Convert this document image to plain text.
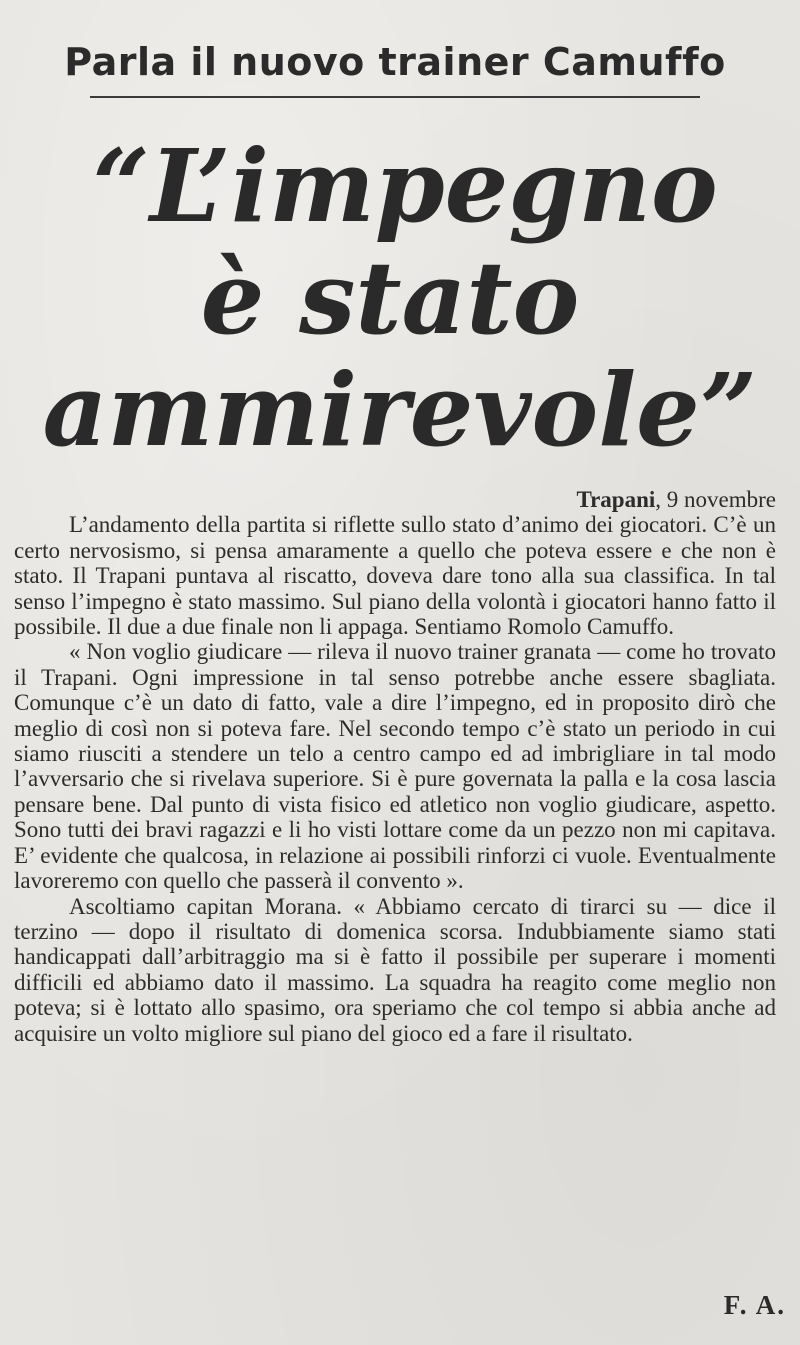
Parla il nuovo trainer Camuffo
“L’impegno
è stato
ammirevole”

Trapani, 9 novembre

L’andamento della partita si riflette sullo stato d’animo dei giocatori. C’è un certo nervosismo, si pensa amaramente a quello che poteva essere e che non è stato. Il Trapani puntava al riscatto, doveva dare tono alla sua classifica. In tal senso l’impegno è stato massimo. Sul piano della volontà i giocatori hanno fatto il possibile. Il due a due finale non li appaga. Sentiamo Romolo Camuffo.

« Non voglio giudicare — rileva il nuovo trainer granata — come ho trovato il Trapani. Ogni impressione in tal senso potrebbe anche essere sbagliata. Comunque c’è un dato di fatto, vale a dire l’impegno, ed in proposito dirò che meglio di così non si poteva fare. Nel secondo tempo c’è stato un periodo in cui siamo riusciti a stendere un telo a centro campo ed ad imbrigliare in tal modo l’avversario che si rivelava superiore. Si è pure governata la palla e la cosa lascia pensare bene. Dal punto di vista fisico ed atletico non voglio giudicare, aspetto. Sono tutti dei bravi ragazzi e li ho visti lottare come da un pezzo non mi capitava. E’ evidente che qualcosa, in relazione ai possibili rinforzi ci vuole. Eventualmente lavoreremo con quello che passerà il convento ».

Ascoltiamo capitan Morana. « Abbiamo cercato di tirarci su — dice il terzino — dopo il risultato di domenica scorsa. Indubbiamente siamo stati handicappati dall’arbitraggio ma si è fatto il possibile per superare i momenti difficili ed abbiamo dato il massimo. La squadra ha reagito come meglio non poteva; si è lottato allo spasimo, ora speriamo che col tempo si abbia anche ad acquisire un volto migliore sul piano del gioco ed a fare il risultato.

F. A.
